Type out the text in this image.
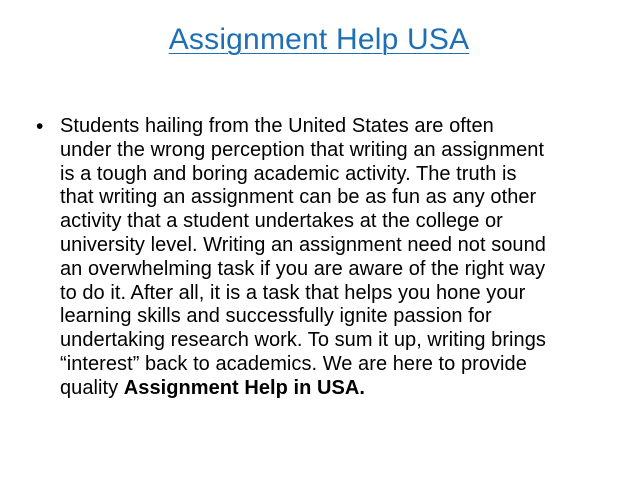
Assignment Help USA
• Students hailing from the United States are often
under the wrong perception that writing an assignment
is a tough and boring academic activity. The truth is
that writing an assignment can be as fun as any other
activity that a student undertakes at the college or
university level. Writing an assignment need not sound
an overwhelming task if you are aware of the right way
to do it. After all, it is a task that helps you hone your
learning skills and successfully ignite passion for
undertaking research work. To sum it up, writing brings
“interest” back to academics. We are here to provide
quality Assignment Help in USA.
